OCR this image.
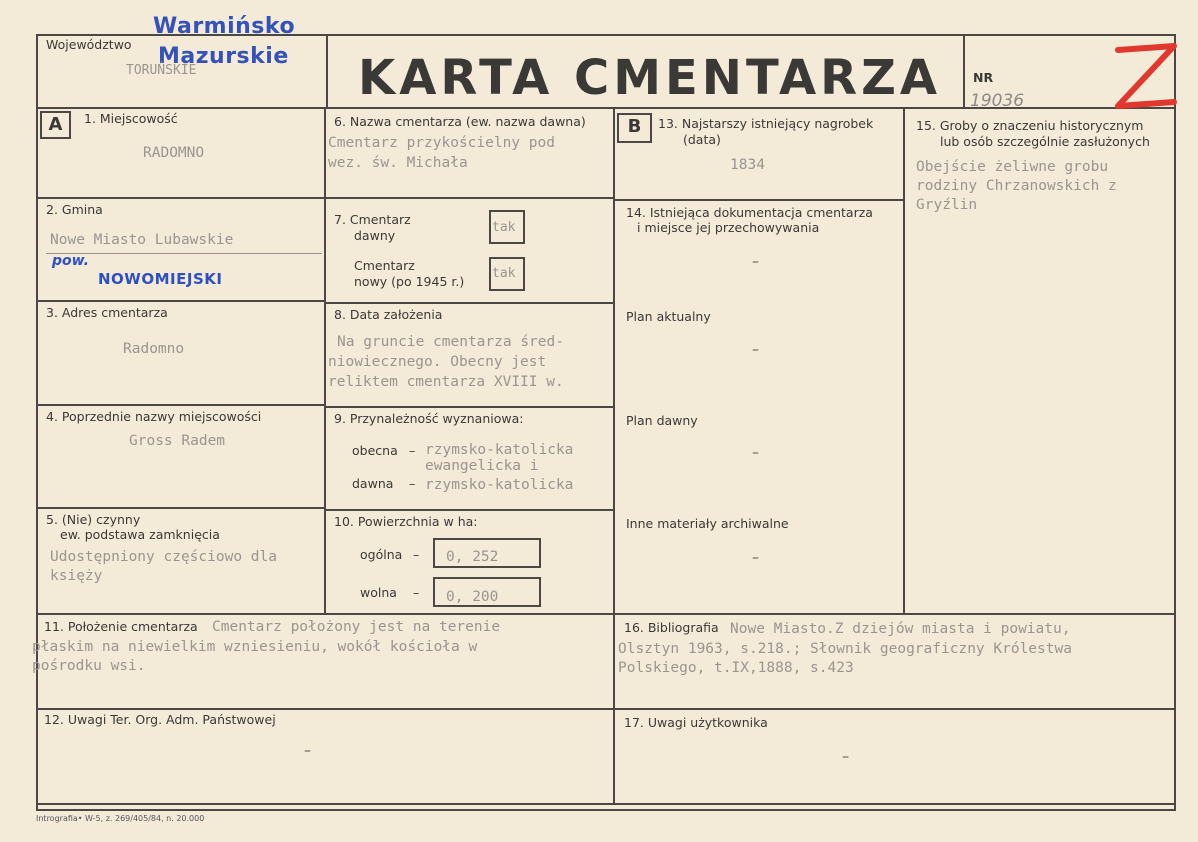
Województwo
Warmińsko
Mazurskie
TORUŃSKIE	KARTA CMENTARZA	NR
19036
A	1. Miejscowość
RADOMNO
2. Gmina
Nowe Miasto Lubawskie
pow.
NOWOMIEJSKI
3. Adres cmentarza
Radomno
4. Poprzednie nazwy miejscowości
Gross Radem
5. (Nie) czynny
ew. podstawa zamknięcia
Udostępniony częściowo dla
księży
6. Nazwa cmentarza (ew. nazwa dawna)
Cmentarz przykościelny pod
wez. św. Michała
7. Cmentarz
dawny
tak
Cmentarz
nowy (po 1945 r.)
tak
8. Data założenia
Na gruncie cmentarza śred-
niowiecznego. Obecny jest
reliktem cmentarza XVIII w.
9. Przynależność wyznaniowa:
obecna – rzymsko-katolicka
ewangelicka i
dawna – rzymsko-katolicka
10. Powierzchnia w ha:
ogólna – 0, 252
wolna – 0, 200
B	13. Najstarszy istniejący nagrobek
(data)
1834
14. Istniejąca dokumentacja cmentarza
i miejsce jej przechowywania
–
Plan aktualny
–
Plan dawny
–
Inne materiały archiwalne
–
15. Groby o znaczeniu historycznym
lub osób szczególnie zasłużonych
Obejście żeliwne grobu
rodziny Chrzanowskich z
Gryźlin
11. Położenie cmentarza Cmentarz położony jest na terenie
płaskim na niewielkim wzniesieniu, wokół kościoła w
pośrodku wsi.
16. Bibliografia Nowe Miasto.Z dziejów miasta i powiatu,
Olsztyn 1963, s.218.; Słownik geograficzny Królestwa
Polskiego, t.IX,1888, s.423
12. Uwagi Ter. Org. Adm. Państwowej
–
17. Uwagi użytkownika
–
Intrografia• W-5, z. 269/405/84, n. 20.000
